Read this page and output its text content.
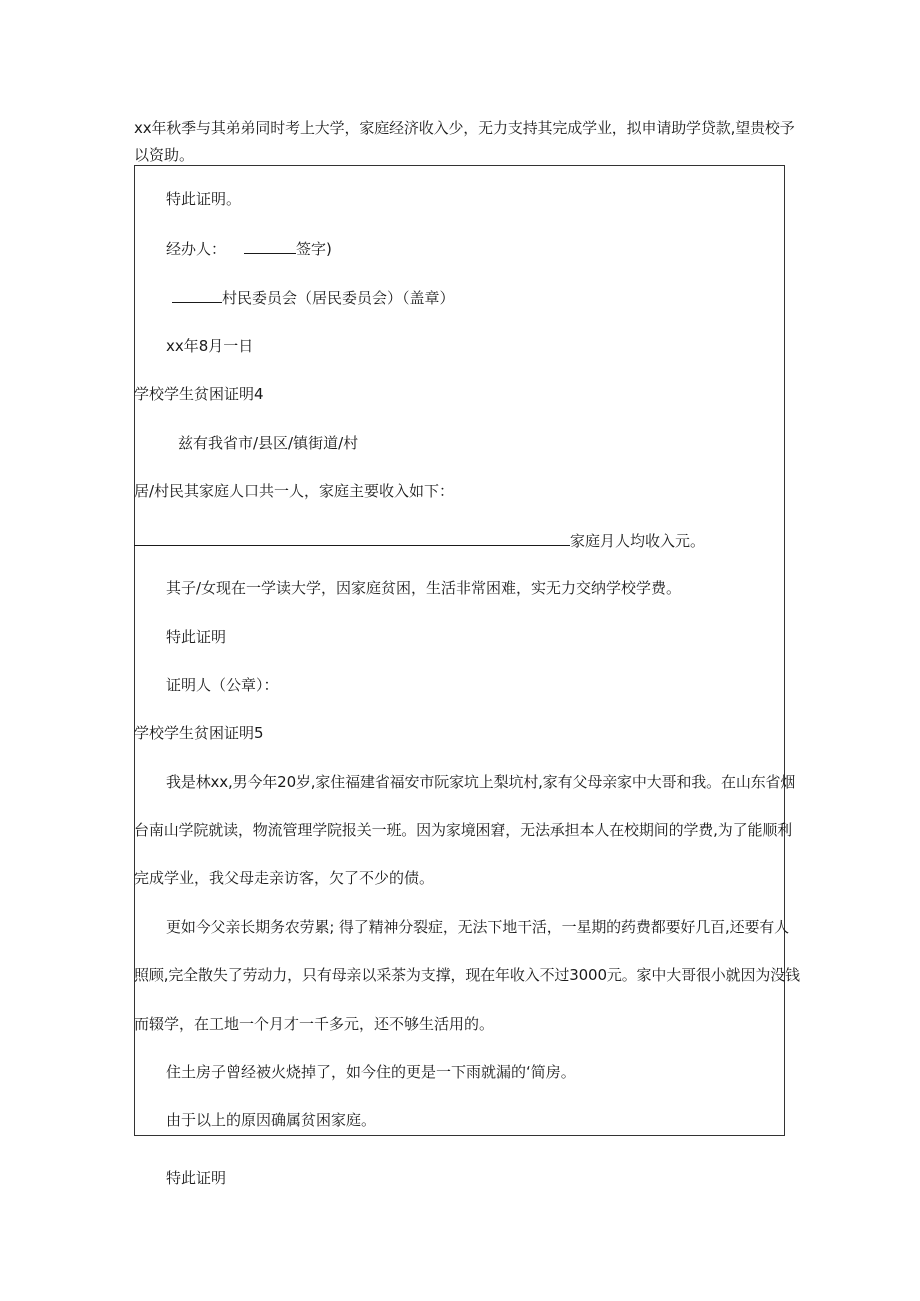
xx年秋季与其弟弟同时考上大学，家庭经济收入少，无力支持其完成学业，拟申请助学贷款,望贵校予
以资助。
特此证明。
经办人：	签字)
村民委员会（居民委员会）（盖章）
xx年8月一日
学校学生贫困证明4
兹有我省市/县区/镇街道/村
居/村民其家庭人口共一人，家庭主要收入如下：
家庭月人均收入元。
其子/女现在一学读大学，因家庭贫困，生活非常困难，实无力交纳学校学费。
特此证明
证明人（公章）：
学校学生贫困证明5
我是林xx,男今年20岁,家住福建省福安市阮家坑上梨坑村,家有父母亲家中大哥和我。在山东省烟
台南山学院就读，物流管理学院报关一班。因为家境困窘，无法承担本人在校期间的学费,为了能顺利
完成学业，我父母走亲访客，欠了不少的债。
更如今父亲长期务农劳累; 得了精神分裂症，无法下地干活，一星期的药费都要好几百,还要有人
照顾,完全散失了劳动力，只有母亲以采茶为支撑，现在年收入不过3000元。家中大哥很小就因为没钱
而辍学，在工地一个月才一千多元，还不够生活用的。
住土房子曾经被火烧掉了，如今住的更是一下雨就漏的‘简房。
由于以上的原因确属贫困家庭。
特此证明
